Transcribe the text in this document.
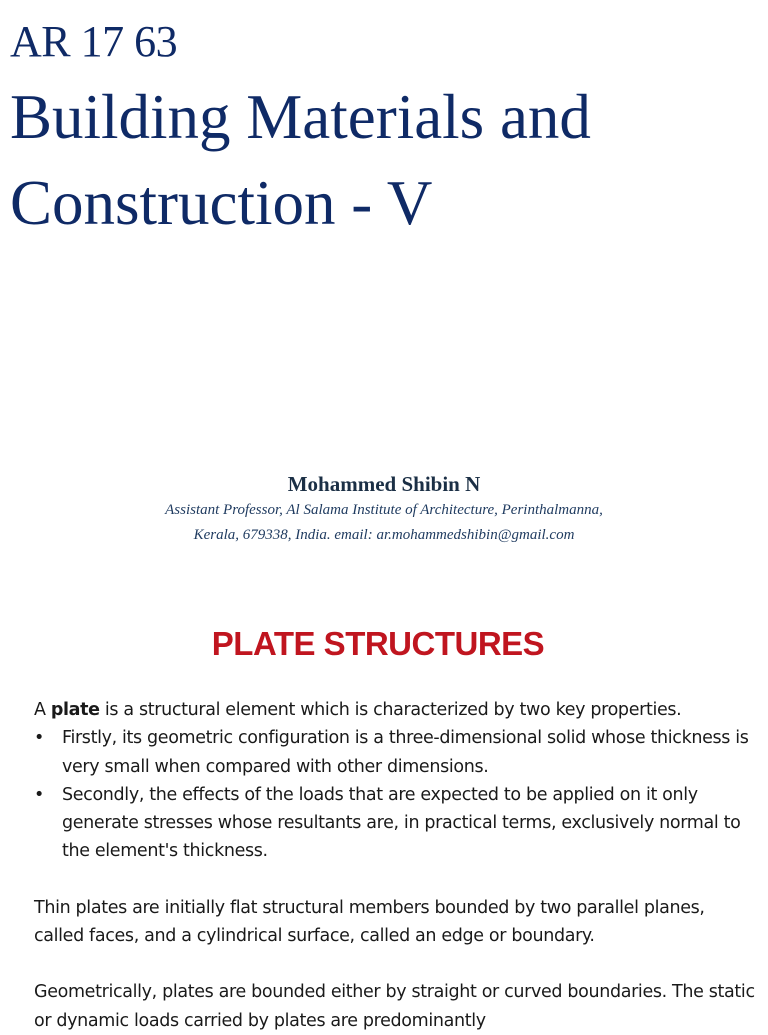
AR 17 63
Building Materials and Construction - V
Mohammed Shibin N
Assistant Professor, Al Salama Institute of Architecture, Perinthalmanna,
Kerala, 679338, India. email: ar.mohammedshibin@gmail.com
PLATE STRUCTURES

A plate is a structural element which is characterized by two key properties.

• Firstly, its geometric configuration is a three-dimensional solid whose thickness is very small when compared with other dimensions.
• Secondly, the effects of the loads that are expected to be applied on it only generate stresses whose resultants are, in practical terms, exclusively normal to the element's thickness.

Thin plates are initially flat structural members bounded by two parallel planes, called faces, and a cylindrical surface, called an edge or boundary.

Geometrically, plates are bounded either by straight or curved boundaries. The static or dynamic loads carried by plates are predominantly
